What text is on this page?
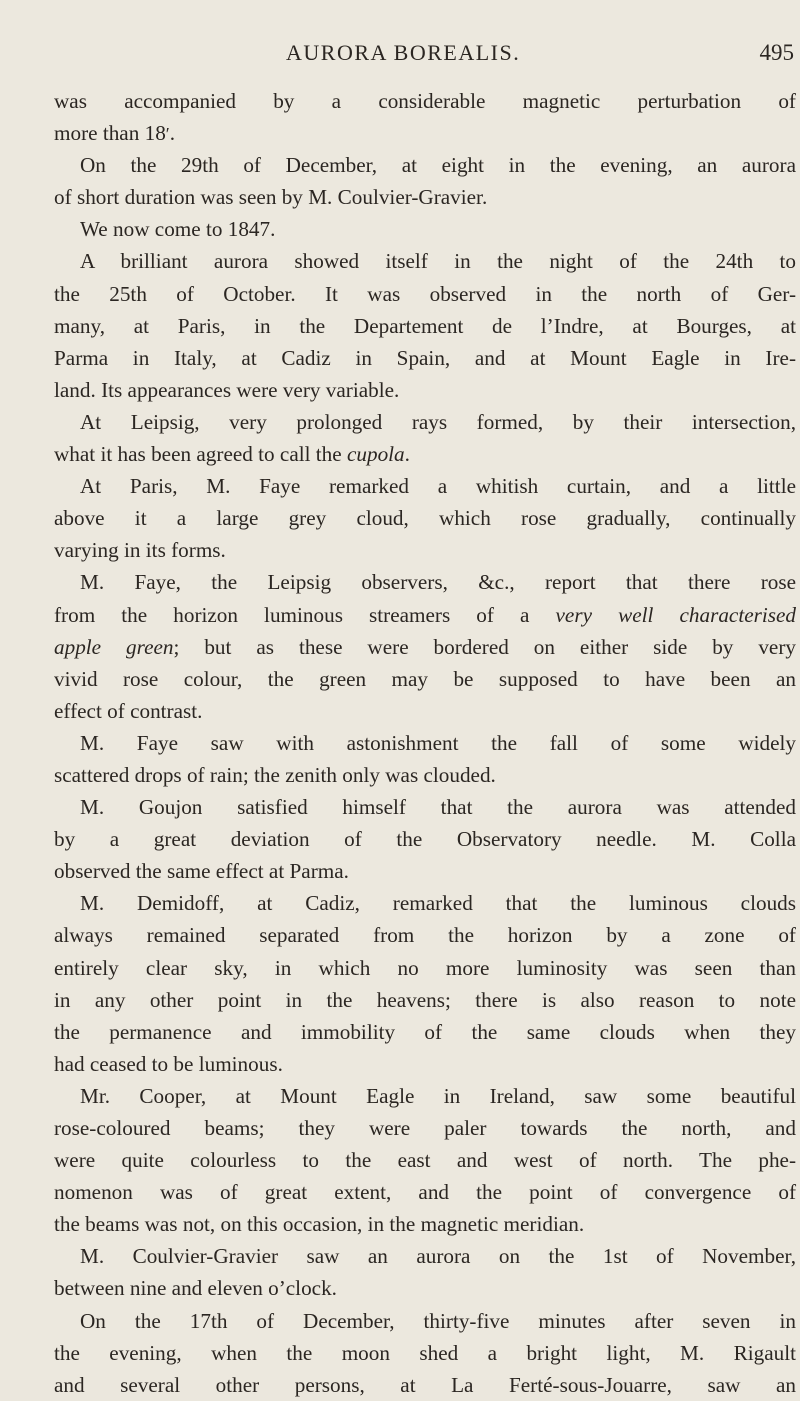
AURORA BOREALIS.	495
was accompanied by a considerable magnetic perturbation of
more than 18′.
On the 29th of December, at eight in the evening, an aurora
of short duration was seen by M. Coulvier-Gravier.
We now come to 1847.
A brilliant aurora showed itself in the night of the 24th to
the 25th of October. It was observed in the north of Ger-
many, at Paris, in the Departement de l’Indre, at Bourges, at
Parma in Italy, at Cadiz in Spain, and at Mount Eagle in Ire-
land. Its appearances were very variable.
At Leipsig, very prolonged rays formed, by their intersection,
what it has been agreed to call the cupola.
At Paris, M. Faye remarked a whitish curtain, and a little
above it a large grey cloud, which rose gradually, continually
varying in its forms.
M. Faye, the Leipsig observers, &c., report that there rose
from the horizon luminous streamers of a very well characterised
apple green; but as these were bordered on either side by very
vivid rose colour, the green may be supposed to have been an
effect of contrast.
M. Faye saw with astonishment the fall of some widely
scattered drops of rain; the zenith only was clouded.
M. Goujon satisfied himself that the aurora was attended
by a great deviation of the Observatory needle. M. Colla
observed the same effect at Parma.
M. Demidoff, at Cadiz, remarked that the luminous clouds
always remained separated from the horizon by a zone of
entirely clear sky, in which no more luminosity was seen than
in any other point in the heavens; there is also reason to note
the permanence and immobility of the same clouds when they
had ceased to be luminous.
Mr. Cooper, at Mount Eagle in Ireland, saw some beautiful
rose-coloured beams; they were paler towards the north, and
were quite colourless to the east and west of north. The phe-
nomenon was of great extent, and the point of convergence of
the beams was not, on this occasion, in the magnetic meridian.
M. Coulvier-Gravier saw an aurora on the 1st of November,
between nine and eleven o’clock.
On the 17th of December, thirty-five minutes after seven in
the evening, when the moon shed a bright light, M. Rigault
and several other persons, at La Ferté-sous-Jouarre, saw an
